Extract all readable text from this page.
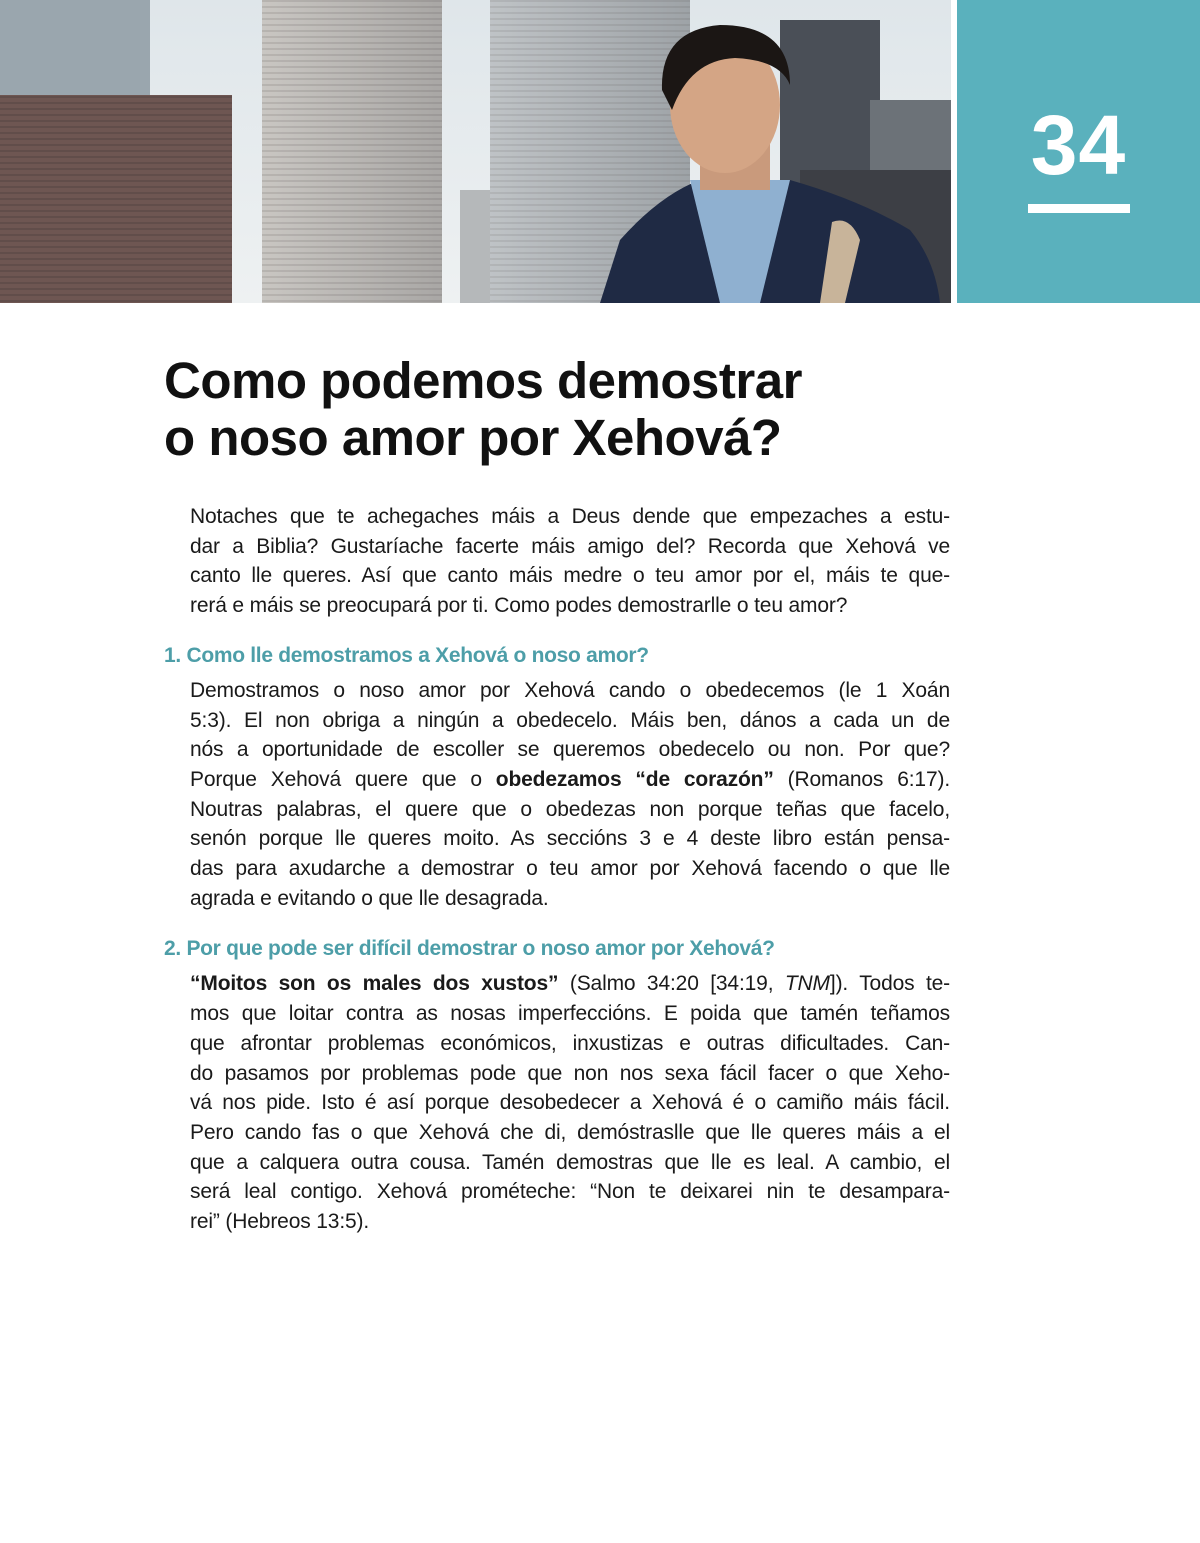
34
Como podemos demostrar
o noso amor por Xehová?
Notaches que te achegaches máis a Deus dende que empezaches a estu-
dar a Biblia? Gustaríache facerte máis amigo del? Recorda que Xehová ve
canto lle queres. Así que canto máis medre o teu amor por el, máis te que-
rerá e máis se preocupará por ti. Como podes demostrarlle o teu amor?
1. Como lle demostramos a Xehová o noso amor?
Demostramos o noso amor por Xehová cando o obedecemos (le 1 Xoán
5:3). El non obriga a ningún a obedecelo. Máis ben, dános a cada un de
nós a oportunidade de escoller se queremos obedecelo ou non. Por que?
Porque Xehová quere que o obedezamos “de corazón” (Romanos 6:17).
Noutras palabras, el quere que o obedezas non porque teñas que facelo,
senón porque lle queres moito. As seccións 3 e 4 deste libro están pensa-
das para axudarche a demostrar o teu amor por Xehová facendo o que lle
agrada e evitando o que lle desagrada.
2. Por que pode ser difícil demostrar o noso amor por Xehová?
“Moitos son os males dos xustos” (Salmo 34:20 [34:19, TNM]). Todos te-
mos que loitar contra as nosas imperfeccións. E poida que tamén teñamos
que afrontar problemas económicos, inxustizas e outras dificultades. Can-
do pasamos por problemas pode que non nos sexa fácil facer o que Xeho-
vá nos pide. Isto é así porque desobedecer a Xehová é o camiño máis fácil.
Pero cando fas o que Xehová che di, demóstraslle que lle queres máis a el
que a calquera outra cousa. Tamén demostras que lle es leal. A cambio, el
será leal contigo. Xehová prométeche: “Non te deixarei nin te desampara-
rei” (Hebreos 13:5).
